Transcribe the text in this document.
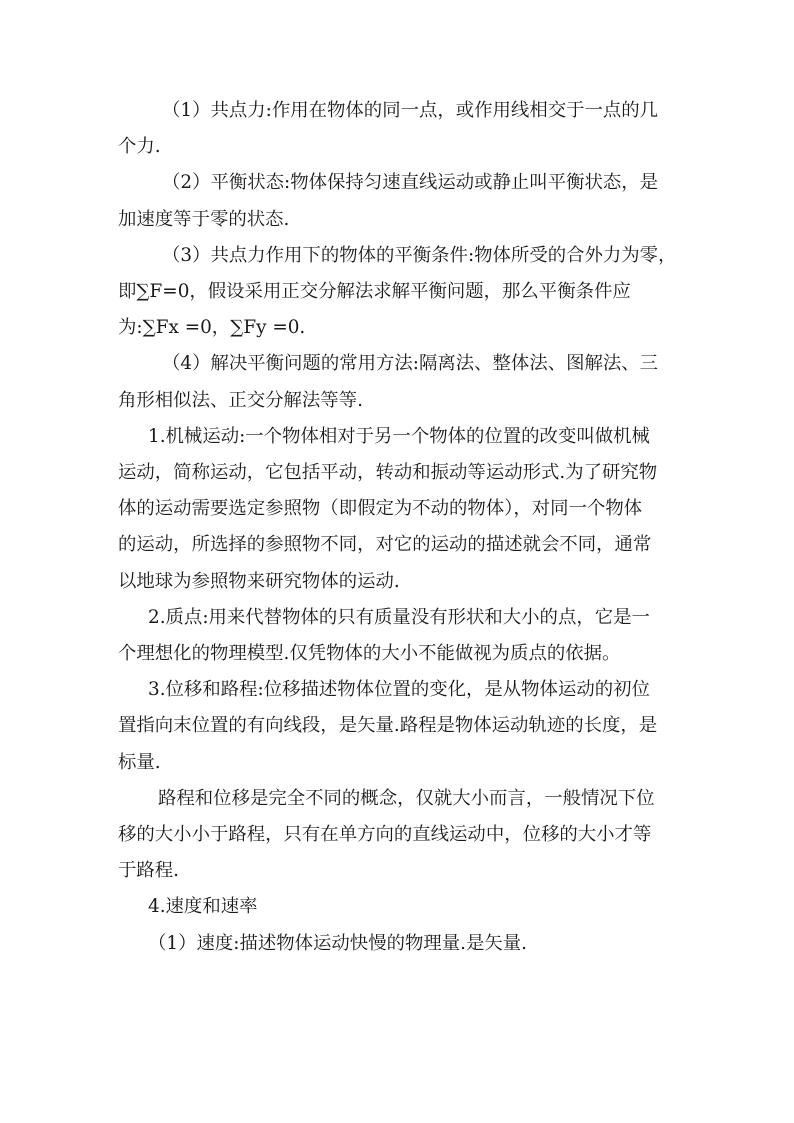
（1）共点力:作用在物体的同一点，或作用线相交于一点的几
个力.

（2）平衡状态:物体保持匀速直线运动或静止叫平衡状态，是
加速度等于零的状态.

（3）共点力作用下的物体的平衡条件:物体所受的合外力为零，
即∑F=0，假设采用正交分解法求解平衡问题，那么平衡条件应
为:∑Fx =0，∑Fy =0.

（4）解决平衡问题的常用方法:隔离法、整体法、图解法、三
角形相似法、正交分解法等等.

1.机械运动:一个物体相对于另一个物体的位置的改变叫做机械
运动，简称运动，它包括平动，转动和振动等运动形式.为了研究物
体的运动需要选定参照物（即假定为不动的物体），对同一个物体
的运动，所选择的参照物不同，对它的运动的描述就会不同，通常
以地球为参照物来研究物体的运动.

2.质点:用来代替物体的只有质量没有形状和大小的点，它是一
个理想化的物理模型.仅凭物体的大小不能做视为质点的依据。

3.位移和路程:位移描述物体位置的变化，是从物体运动的初位
置指向末位置的有向线段，是矢量.路程是物体运动轨迹的长度，是
标量.

路程和位移是完全不同的概念，仅就大小而言，一般情况下位
移的大小小于路程，只有在单方向的直线运动中，位移的大小才等
于路程.

4.速度和速率

（1）速度:描述物体运动快慢的物理量.是矢量.
